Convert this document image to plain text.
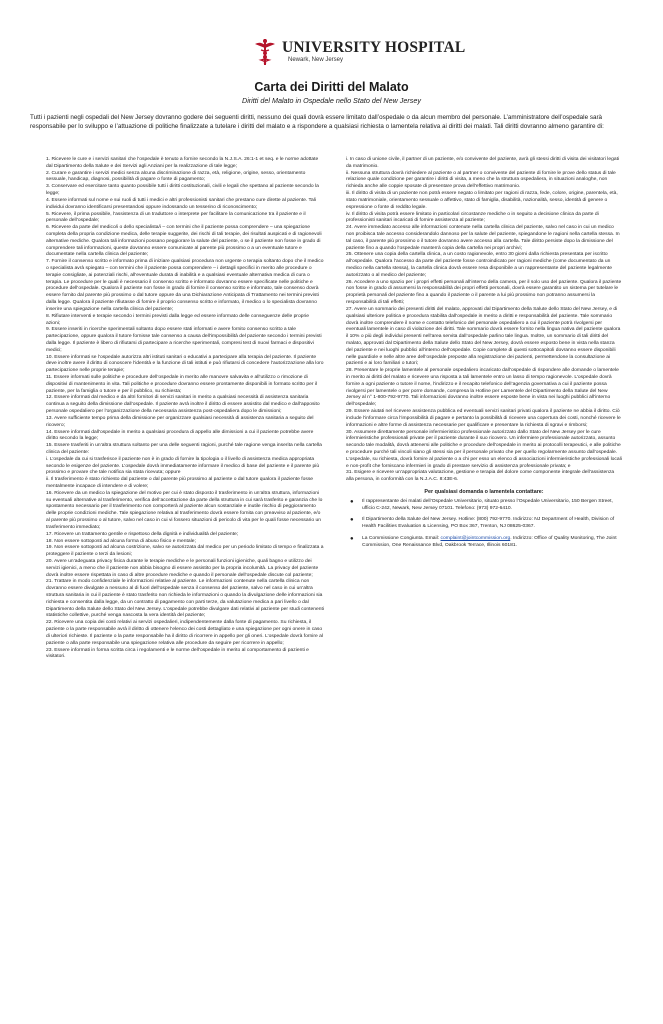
UNIVERSITY HOSPITAL
Newark, New Jersey
Carta dei Diritti del Malato
Diritti del Malato in Ospedale nello Stato del New Jersey
Tutti i pazienti negli ospedali del New Jersey dovranno godere dei seguenti diritti, nessuno dei quali dovrà essere limitato dall’ospedale o da alcun membro del personale. L’amministratore dell’ospedale sarà responsabile per lo sviluppo e l’attuazione di politiche finalizzate a tutelare i diritti del malato e a rispondere a qualsiasi richiesta o lamentela relativa ai diritti dei malati. Tali diritti dovranno almeno garantire di:

1. Ricevere le cure e i servizi sanitari che l’ospedale è tenuto a fornire secondo la N.J.S.A. 26:1-1 et seq. e le norme adottate dal Dipartimento della Salute e dei Servizi agli Anziani per la realizzazione di tale legge;

2. Curare e garantire i servizi medici senza alcuna discriminazione di razza, età, religione, origine, sesso, orientamento sessuale, handicap, diagnosi, possibilità di pagare o fonte di pagamento;

3. Conservare ed esercitare tanto quanto possibile tutti i diritti costituzionali, civili e legali che spettano al paziente secondo la legge;

4. Essere informati sul nome e sui ruoli di tutti i medici e altri professionisti sanitari che prestano cure dirette al paziente. Tali individui dovranno identificarsi presentandosi oppure indossando un tesserino di riconoscimento;

5. Ricevere, il prima possibile, l’assistenza di un traduttore o interprete per facilitare la comunicazione tra il paziente e il personale dell’ospedale;

6. Ricevere da parte del medico/i o dello specialista/i – con termini che il paziente possa comprendere – una spiegazione completa della propria condizione medica, delle terapie suggerite, dei rischi di tali terapie, dei risultati auspicati e di ragionevoli alternative mediche. Qualora tali informazioni possano peggiorare la salute del paziente, o se il paziente non fosse in grado di comprendere tali informazioni, queste dovranno essere comunicate al parente più prossimo o a un eventuale tutore e documentate nella cartella clinica del paziente;

7. Fornire il consenso scritto e informato prima di iniziare qualsiasi procedura non urgente o terapia soltanto dopo che il medico o specialista avrà spiegato – con termini che il paziente possa comprendere – i dettagli specifici in merito alle procedure o terapie consigliate, ai potenziali rischi, all’eventuale durata di inabilità e a qualsiasi eventuale alternativa medica di cura o terapia. Le procedure per le quali è necessario il consenso scritto e informato dovranno essere specificate nelle politiche e procedure dell’ospedale. Qualora il paziente non fosse in grado di fornire il consenso scritto e informato, tale consenso dovrà essere fornito dal parente più prossimo o dal tutore oppure da una Dichiarazione Anticipata di Trattamento nei termini previsti dalla legge. Qualora il paziente rifiutasse di fornire il proprio consenso scritto e informato, il medico o lo specialista dovranno inserire una spiegazione nella cartella clinica del paziente;

8. Rifiutare interventi e terapie secondo i termini previsti dalla legge ed essere informato delle conseguenze delle proprie azioni;

9. Essere inseriti in ricerche sperimentali soltanto dopo essere stati informati e avere fornito consenso scritto a tale partecipazione, oppure qualora il tutore fornisse tale consenso a causa dell’impossibilità del paziente secondo i termini previsti dalla legge. Il paziente è libero di rifiutarsi di partecipare a ricerche sperimentali, compresi test di nuovi farmaci e dispositivi medici;

10. Essere informati se l’ospedale autorizza altri istituti sanitari o educativi a partecipare alla terapia del paziente. Il paziente deve inoltre avere il diritto di conoscere l’identità e la funzione di tali istituti e può rifiutarsi di concedere l’autorizzazione alla loro partecipazione nelle proprie terapie;

11. Essere informati sulle politiche e procedure dell’ospedale in merito alle manovre salvavita e all’utilizzo o rimozione di dispositivi di mantenimento in vita. Tali politiche e procedure dovranno essere prontamente disponibili in formato scritto per il paziente, per la famiglia o tutore e per il pubblico, su richiesta;

12. Essere informati dal medico e da altri fornitori di servizi sanitari in merito a qualsiasi necessità di assistenza sanitaria continua a seguito della dimissione dall’ospedale. Il paziente avrà inoltre il diritto di essere assistito dal medico e dall’apposito personale ospedaliero per l’organizzazione della necessaria assistenza post-ospedaliera dopo le dimissioni;

13. Avere sufficiente tempo prima della dimissione per organizzare qualsiasi necessità di assistenza sanitaria a seguito del ricovero;

14. Essere informati dall’ospedale in merito a qualsiasi procedura di appello alle dimissioni a cui il paziente potrebbe avere diritto secondo la legge;

15. Essere trasferiti in un’altra struttura soltanto per una delle seguenti ragioni, purché tale ragione venga inserita nella cartella clinica del paziente:

i. L’ospedale da cui si trasferisce il paziente non è in grado di fornire la tipologia o il livello di assistenza medica appropriata secondo le esigenze del paziente. L’ospedale dovrà immediatamente informare il medico di base del paziente e il parente più prossimo e provare che tale notifica sia stata ricevuta; oppure

ii. Il trasferimento è stato richiesto dal paziente o dal parente più prossimo al paziente o dal tutore qualora il paziente fosse mentalmente incapace di intendere e di volere;

16. Ricevere da un medico la spiegazione del motivo per cui è stato disposto il trasferimento in un’altra struttura, informazioni su eventuali alternative al trasferimento, verifica dell’accettazione da parte della struttura in cui sarà trasferito e garanzia che lo spostamento necessario per il trasferimento non comporterà al paziente alcun sostanziale e inutile rischio di peggioramento delle proprie condizioni mediche. Tale spiegazione relativa al trasferimento dovrà essere fornita con preavviso al paziente, e/o al parente più prossimo o al tutore, salvo nel caso in cui vi fossero situazioni di pericolo di vita per le quali fosse necessario un trasferimento immediato;

17. Ricevere un trattamento gentile e rispettoso della dignità e individualità del paziente;

18. Non essere sottoposti ad alcuna forma di abuso fisico e mentale;

19. Non essere sottoposti ad alcuna costrizione, salvo se autorizzata dal medico per un periodo limitato di tempo e finalizzata a proteggere il paziente o terzi da lesioni;

20. Avere un’adeguata privacy fisica durante le terapie mediche e le personali funzioni igieniche, quali bagno e utilizzo dei servizi igienici, a meno che il paziente non abbia bisogno di essere assistito per la propria incolumità. La privacy del paziente dovrà inoltre essere rispettata in caso di altre procedure mediche e quando il personale dell’ospedale discute col paziente;

21. Trattare in modo confidenziale le informazioni relative al paziente. Le informazioni contenute nella cartella clinica non dovranno essere divulgate a nessuno al di fuori dell’ospedale senza il consenso del paziente, salvo nel caso in cui un’altra struttura sanitaria in cui il paziente è stato trasferito non richieda le informazioni o quando la divulgazione delle informazioni sia richiesta e consentita dalla legge, da un contratto di pagamento con parti terze, da valutazione medica a pari livello o dal Dipartimento della Salute dello Stato del New Jersey. L’ospedale potrebbe divulgare dati relativi al paziente per studi contenenti statistiche collettive, purché venga nascosta la vera identità del paziente;

22. Ricevere una copia dei costi relativi ai servizi ospedalieri, indipendentemente dalla fonte di pagamento. Su richiesta, il paziente o la parte responsabile avrà il diritto di ottenere l’elenco dei costi dettagliato e una spiegazione per ogni onere in caso di ulteriori richieste. Il paziente o la parte responsabile ha il diritto di ricorrere in appello per gli oneri. L’ospedale dovrà fornire al paziente o alla parte responsabile una spiegazione relativa alle procedure da seguire per ricorrere in appello;

23. Essere informati in forma scritta circa i regolamenti e le norme dell’ospedale in merito al comportamento di pazienti e visitatori.

i. In caso di unione civile, il partner di un paziente, e/o convivente del paziente, avrà gli stessi diritti di visita dei visitatori legati da matrimonio.

ii. Nessuna struttura dovrà richiedere al paziente o al partner o convivente del paziente di fornire le prove dello status di tale relazione quale condizione per garantire i diritti di visita, a meno che la struttura ospedaliera, in situazioni analoghe, non richieda anche alle coppie sposate di presentare prova dell’effettivo matrimonio.

iii. Il diritto di visita di un paziente non potrà essere negato o limitato per ragioni di razza, fede, colore, origine, parentela, età, stato matrimoniale, orientamento sessuale o affettivo, stato di famiglia, disabilità, nazionalità, sesso, identità di genere o espressione o fonte di reddito legale.

iv. Il diritto di visita potrà essere limitato in particolari circostanze mediche o in seguito a decisione clinica da parte di professionisti sanitari incaricati di fornire assistenza al paziente;

24. Avere immediato accesso alle informazioni contenute nella cartella clinica del paziente, salvo nel caso in cui un medico non proibisca tale accesso considerandolo dannoso per la salute del paziente, spiegandone le ragioni nella cartella stessa. In tal caso, il parente più prossimo o il tutore dovranno avere accesso alla cartella. Tale diritto persiste dopo la dimissione del paziente fino a quando l’ospedale manterrà copia della cartella nei propri archivi;

25. Ottenere una copia della cartella clinica, a un costo ragionevole, entro 30 giorni dalla richiesta presentata per iscritto all’ospedale. Qualora l’accesso da parte del paziente fosse controindicato per ragioni mediche (come documentato da un medico nella cartella stessa), la cartella clinica dovrà essere resa disponibile a un rappresentante del paziente legalmente autorizzato o al medico del paziente;

26. Accedere a uno spazio per i propri effetti personali all’interno della camera, per il solo uso del paziente. Qualora il paziente non fosse in grado di assumersi la responsabilità dei propri effetti personali, dovrà essere garantito un sistema per tutelare le proprietà personali del paziente fino a quando il paziente o il parente a lui più prossimo non potranno assumersi la responsabilità di tali effetti;

27. Avere un sommario dei presenti diritti del malato, approvati dal Dipartimento della Salute dello Stato del New Jersey, e di qualsiasi ulteriore politica e procedura stabilita dall’ospedale in merito a diritti e responsabilità del paziente. Tale sommario dovrà inoltre comprendere il nome e contatto telefonico del personale ospedaliero a cui il paziente potrà rivolgersi per eventuali lamentele in caso di violazione dei diritti. Tale sommario dovrà essere fornito nella lingua nativa del paziente qualora il 10% o più degli individui presenti nell’area servita dall’ospedale parlino tale lingua. Inoltre, un sommario di tali diritti del malato, approvati dal Dipartimento della Salute dello Stato del New Jersey, dovrà essere esposto bene in vista nella stanza del paziente e nei luoghi pubblici all’interno dell’ospedale. Copie complete di questi sottocapitoli dovranno essere disponibili nelle guardiole e nelle altre aree dell’ospedale preposte alla registrazione dei pazienti, permettendone la consultazione ai pazienti e ai loro familiari o tutori;

28. Presentare le proprie lamentele al personale ospedaliero incaricato dall’ospedale di rispondere alle domande o lamentele in merito ai diritti del malato e ricevere una risposta a tali lamentele entro un lasso di tempo ragionevole. L’ospedale dovrà fornire a ogni paziente o tutore il nome, l’indirizzo e il recapito telefonico dell’agenzia governativa a cui il paziente possa rivolgersi per lamentele o per porre domande, compresa la Hotline per Lamentele del Dipartimento della Salute del New Jersey al n° 1-800-792-9770. Tali informazioni dovranno inoltre essere esposte bene in vista nei luoghi pubblici all’interno dell’ospedale;

29. Essere aiutati nel ricevere assistenza pubblica ed eventuali servizi sanitari privati qualora il paziente ne abbia il diritto. Ciò include l’informare circa l’impossibilità di pagare e pertanto la possibilità di ricevere una copertura dei costi, nonché ricevere le informazioni e altre forme di assistenza necessarie per qualificare e presentare la richiesta di sgravi e rimborsi;

30. Assumere direttamente personale infermieristico professionale autorizzato dallo Stato del New Jersey per le cure infermieristiche professionali private per il paziente durante il suo ricovero. Un infermiere professionale autorizzato, assunto secondo tale modalità, dovrà attenersi alle politiche e procedure dell’ospedale in merito ai protocolli terapeutici, e alle politiche e procedure purché tali vincoli siano gli stessi sia per il personale privato che per quello regolarmente assunto dall’ospedale. L’ospedale, su richiesta, dovrà fornire al paziente o a chi per esso un elenco di associazioni infermieristiche professionali locali e non-profit che forniscano infermieri in grado di prestare servizio di assistenza professionale privata; e

31. Esigere e ricevere un’appropriata valutazione, gestione e terapia del dolore come componente integrale dell’assistenza alla persona, in conformità con la N.J.A.C. 8:43E-6.

Per qualsiasi domanda o lamentela contattare:
● Il rappresentante dei malati dell’Ospedale Universitario, situato presso l’Ospedale Universitario, 150 Bergen Street, ufficio C-242, Newark, New Jersey 07101. Telefono: (973) 972-6410.
● Il Dipartimento della Salute del New Jersey. Hotline: (800) 792-9770. Indirizzo: NJ Department of Health, Division of Health Facilities Evaluation & Licensing, PO Box 367, Trenton, NJ 08625-0367.
● La Commissione Congiunta. Email: complaint@jointcommission.org. Indirizzo: Office of Quality Monitoring, The Joint Commission, One Renaissance Blvd, Oakbrook Terrace, Illinois 60181.
